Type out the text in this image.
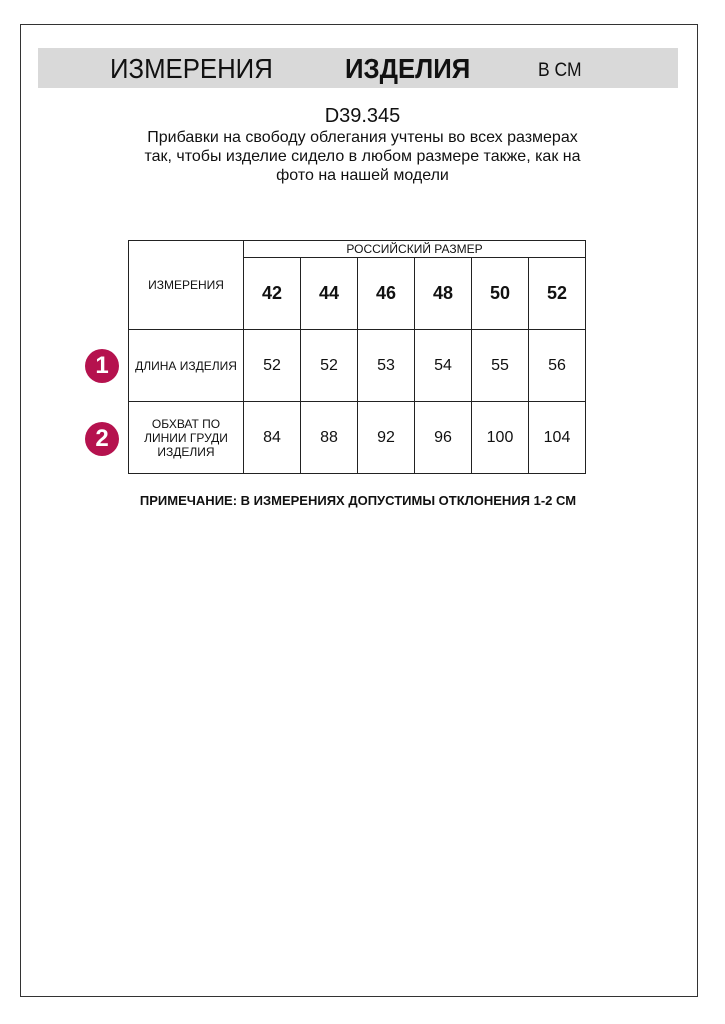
ИЗМЕРЕНИЯ	ИЗДЕЛИЯ	В СМ
D39.345
Прибавки на свободу облегания учтены во всех размерах так, чтобы изделие сидело в любом размере также, как на фото на нашей модели
ИЗМЕРЕНИЯ	РОССИЙСКИЙ РАЗМЕР					
	42	44	46	48	50	52
ДЛИНА ИЗДЕЛИЯ	52	52	53	54	55	56

ОБХВАТ ПО ЛИНИИ ГРУДИ ИЗДЕЛИЯ	84	88	92	96	100	104
1
2
ПРИМЕЧАНИЕ: В ИЗМЕРЕНИЯХ ДОПУСТИМЫ ОТКЛОНЕНИЯ 1-2 СМ
